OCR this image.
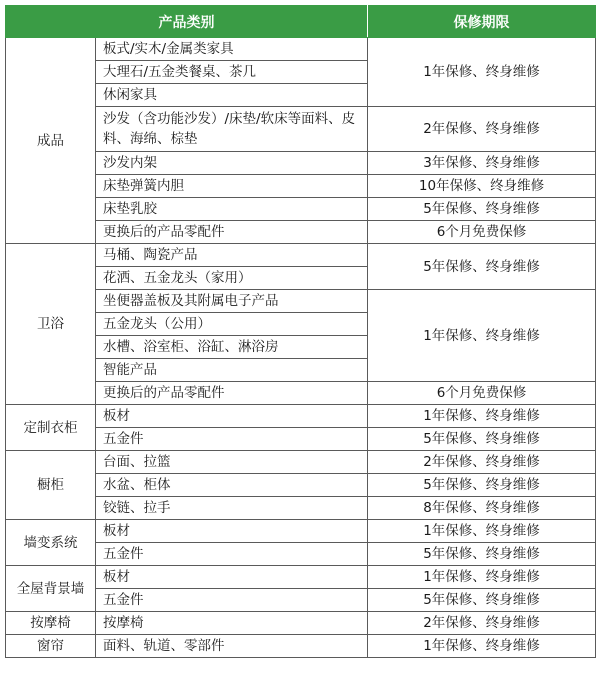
产品类别		保修期限
成品	板式/实木/金属类家具	1年保修、终身维修
	大理石/五金类餐桌、茶几	
	休闲家具	
	沙发（含功能沙发）/床垫/软床等面料、皮料、海绵、棕垫	2年保修、终身维修
	沙发内架	3年保修、终身维修
	床垫弹簧内胆	10年保修、终身维修
	床垫乳胶	5年保修、终身维修
	更换后的产品零配件	6个月免费保修
卫浴	马桶、陶瓷产品	5年保修、终身维修
	花洒、五金龙头（家用）	
	坐便器盖板及其附属电子产品	1年保修、终身维修
	五金龙头（公用）	
	水槽、浴室柜、浴缸、淋浴房	
	智能产品	
	更换后的产品零配件	6个月免费保修
定制衣柜	板材	1年保修、终身维修
	五金件	5年保修、终身维修
橱柜	台面、拉篮	2年保修、终身维修
	水盆、柜体	5年保修、终身维修
	铰链、拉手	8年保修、终身维修
墙变系统	板材	1年保修、终身维修
	五金件	5年保修、终身维修
全屋背景墙	板材	1年保修、终身维修
	五金件	5年保修、终身维修
按摩椅	按摩椅	2年保修、终身维修
窗帘	面料、轨道、零部件	1年保修、终身维修
